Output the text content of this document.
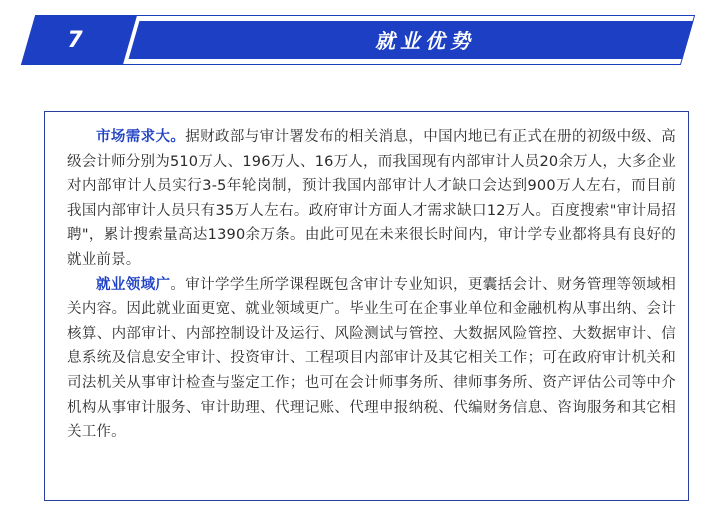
7	就业优势

市场需求大。据财政部与审计署发布的相关消息，中国内地已有正式在册的初级中级、高级会计师分别为510万人、196万人、16万人，而我国现有内部审计人员20余万人，大多企业对内部审计人员实行3-5年轮岗制，预计我国内部审计人才缺口会达到900万人左右，而目前我国内部审计人员只有35万人左右。政府审计方面人才需求缺口12万人。百度搜索"审计局招聘"，累计搜索量高达1390余万条。由此可见在未来很长时间内，审计学专业都将具有良好的就业前景。

就业领域广。审计学学生所学课程既包含审计专业知识，更囊括会计、财务管理等领域相关内容。因此就业面更宽、就业领域更广。毕业生可在企事业单位和金融机构从事出纳、会计核算、内部审计、内部控制设计及运行、风险测试与管控、大数据风险管控、大数据审计、信息系统及信息安全审计、投资审计、工程项目内部审计及其它相关工作；可在政府审计机关和司法机关从事审计检查与鉴定工作；也可在会计师事务所、律师事务所、资产评估公司等中介机构从事审计服务、审计助理、代理记账、代理申报纳税、代编财务信息、咨询服务和其它相关工作。
